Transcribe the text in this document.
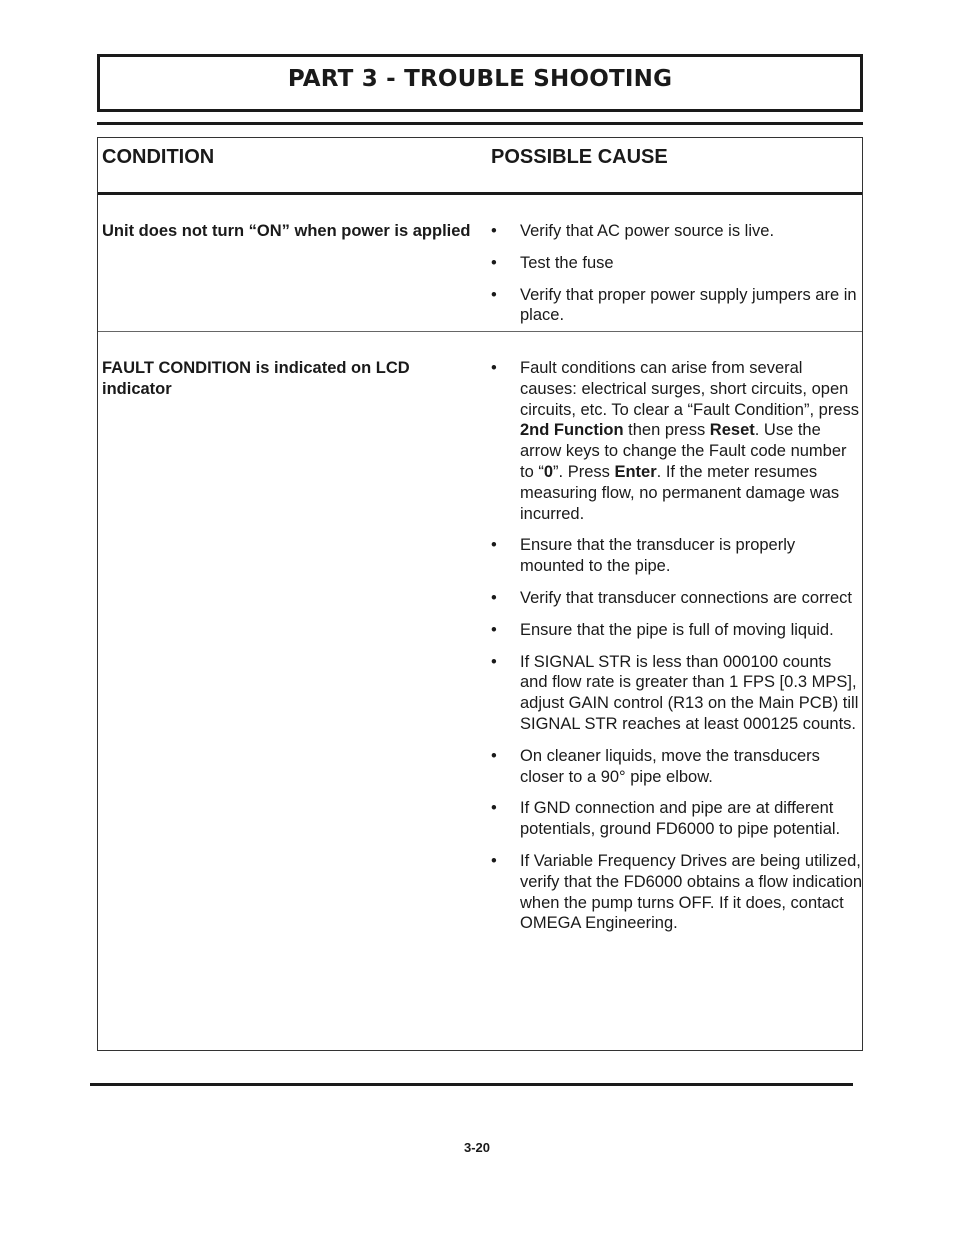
PART 3 - TROUBLE SHOOTING
CONDITION	POSSIBLE CAUSE
Unit does not turn “ON” when power is applied
•	Verify that AC power source is live.
• Test the fuse
• Verify that proper power supply jumpers are in place.
FAULT CONDITION is indicated on LCD indicator
• Fault conditions can arise from several causes: electrical surges, short circuits, open circuits, etc. To clear a “Fault Condition”, press 2nd Function then press Reset. Use the arrow keys to change the Fault code number to “0”. Press Enter. If the meter resumes measuring flow, no permanent damage was incurred.
• Ensure that the transducer is properly mounted to the pipe.
• Verify that transducer connections are correct
• Ensure that the pipe is full of moving liquid.
• If SIGNAL STR is less than 000100 counts and flow rate is greater than 1 FPS [0.3 MPS], adjust GAIN control (R13 on the Main PCB) till SIGNAL STR reaches at least 000125 counts.
• On cleaner liquids, move the transducers closer to a 90° pipe elbow.
• If GND connection and pipe are at different potentials, ground FD6000 to pipe potential.
• If Variable Frequency Drives are being utilized, verify that the FD6000 obtains a flow indication when the pump turns OFF. If it does, contact OMEGA Engineering.
3-20
